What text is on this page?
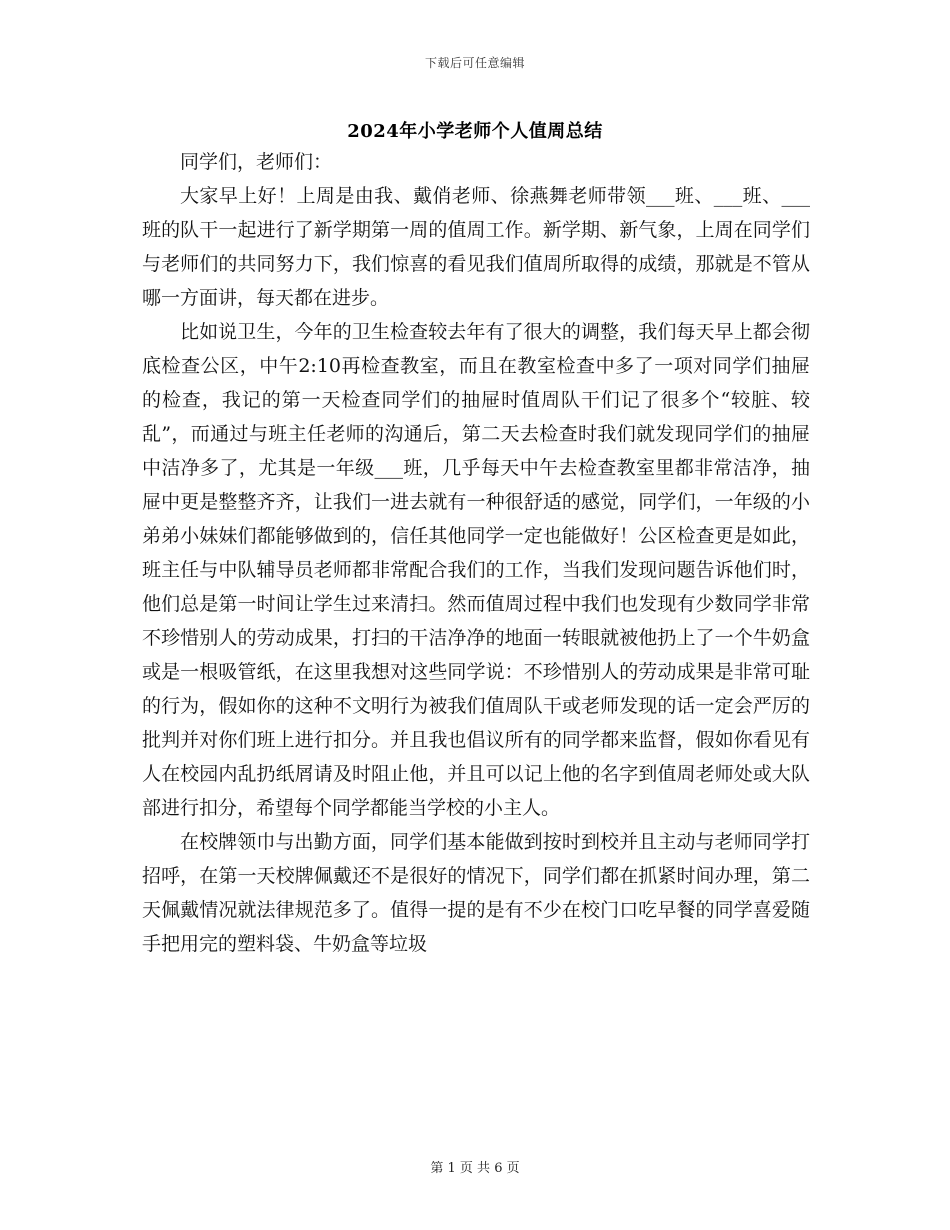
下载后可任意编辑
2024年小学老师个人值周总结

同学们，老师们：

大家早上好！上周是由我、戴俏老师、徐燕舞老师带领___班、___班、___班的队干一起进行了新学期第一周的值周工作。新学期、新气象，上周在同学们与老师们的共同努力下，我们惊喜的看见我们值周所取得的成绩，那就是不管从哪一方面讲，每天都在进步。

比如说卫生，今年的卫生检查较去年有了很大的调整，我们每天早上都会彻底检查公区，中午2:10再检查教室，而且在教室检查中多了一项对同学们抽屉的检查，我记的第一天检查同学们的抽屉时值周队干们记了很多个“较脏、较乱”，而通过与班主任老师的沟通后，第二天去检查时我们就发现同学们的抽屉中洁净多了，尤其是一年级___班，几乎每天中午去检查教室里都非常洁净，抽屉中更是整整齐齐，让我们一进去就有一种很舒适的感觉，同学们，一年级的小弟弟小妹妹们都能够做到的，信任其他同学一定也能做好！公区检查更是如此，班主任与中队辅导员老师都非常配合我们的工作，当我们发现问题告诉他们时，他们总是第一时间让学生过来清扫。然而值周过程中我们也发现有少数同学非常不珍惜别人的劳动成果，打扫的干洁净净的地面一转眼就被他扔上了一个牛奶盒或是一根吸管纸，在这里我想对这些同学说：不珍惜别人的劳动成果是非常可耻的行为，假如你的这种不文明行为被我们值周队干或老师发现的话一定会严厉的批判并对你们班上进行扣分。并且我也倡议所有的同学都来监督，假如你看见有人在校园内乱扔纸屑请及时阻止他，并且可以记上他的名字到值周老师处或大队部进行扣分，希望每个同学都能当学校的小主人。

在校牌领巾与出勤方面，同学们基本能做到按时到校并且主动与老师同学打招呼，在第一天校牌佩戴还不是很好的情况下，同学们都在抓紧时间办理，第二天佩戴情况就法律规范多了。值得一提的是有不少在校门口吃早餐的同学喜爱随手把用完的塑料袋、牛奶盒等垃圾

第 1 页 共 6 页
